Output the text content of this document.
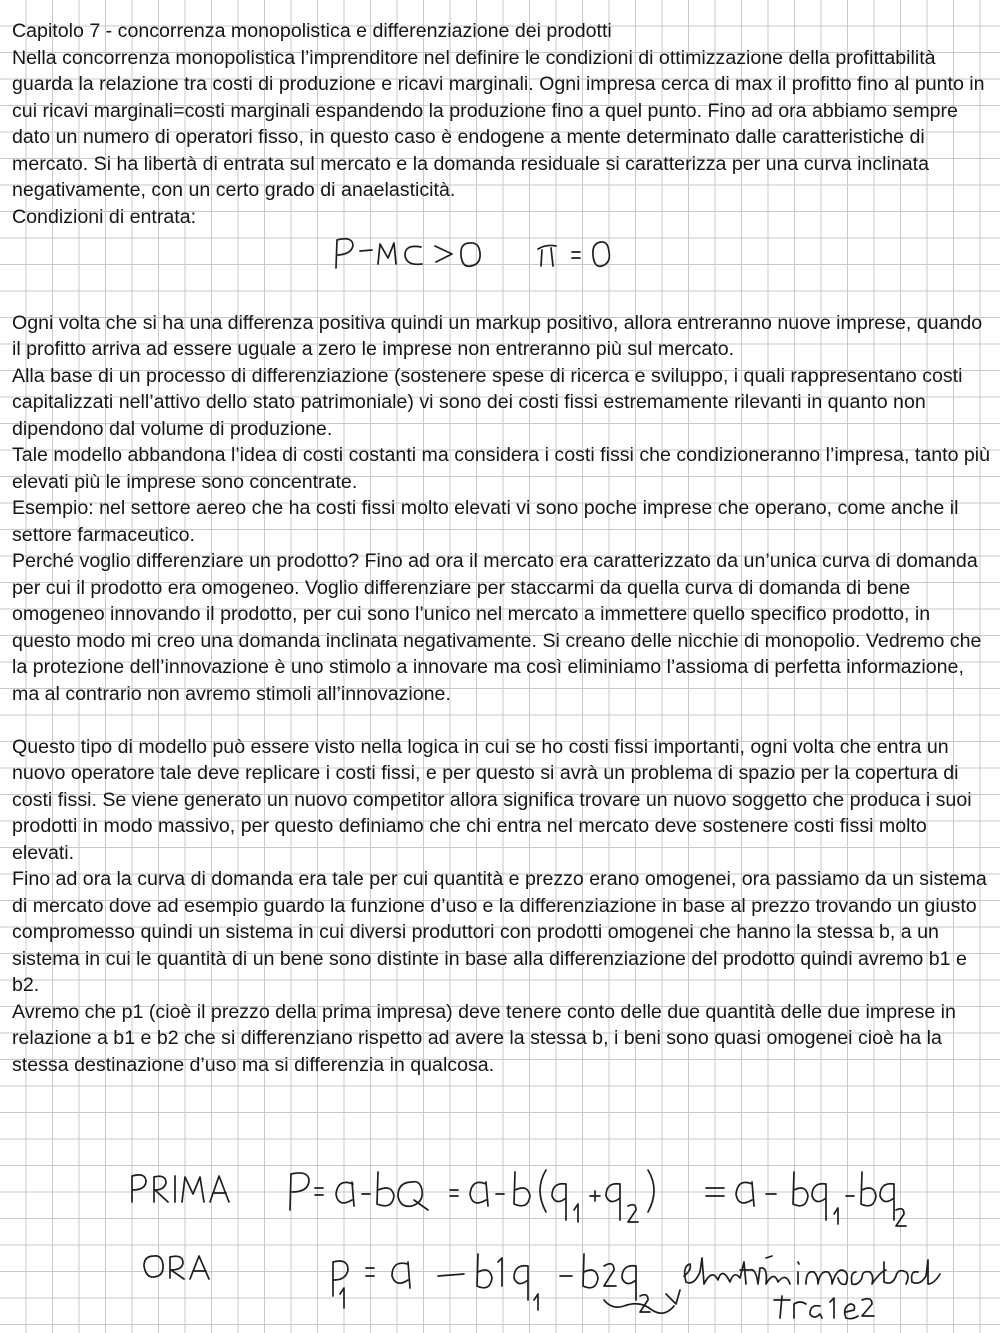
Capitolo 7 - concorrenza monopolistica e differenziazione dei prodotti

Nella concorrenza monopolistica l’imprenditore nel definire le condizioni di ottimizzazione della profittabilità guarda la relazione tra costi di produzione e ricavi marginali. Ogni impresa cerca di max il profitto fino al punto in cui ricavi marginali=costi marginali espandendo la produzione fino a quel punto. Fino ad ora abbiamo sempre dato un numero di operatori fisso, in questo caso è endogene a mente determinato dalle caratteristiche di mercato. Si ha libertà di entrata sul mercato e la domanda residuale si caratterizza per una curva inclinata negativamente, con un certo grado di anaelasticità.

Condizioni di entrata:

Ogni volta che si ha una differenza positiva quindi un markup positivo, allora entreranno nuove imprese, quando il profitto arriva ad essere uguale a zero le imprese non entreranno più sul mercato.

Alla base di un processo di differenziazione (sostenere spese di ricerca e sviluppo, i quali rappresentano costi capitalizzati nell’attivo dello stato patrimoniale) vi sono dei costi fissi estremamente rilevanti in quanto non dipendono dal volume di produzione.

Tale modello abbandona l’idea di costi costanti ma considera i costi fissi che condizioneranno l’impresa, tanto più elevati più le imprese sono concentrate.

Esempio: nel settore aereo che ha costi fissi molto elevati vi sono poche imprese che operano, come anche il settore farmaceutico.

Perché voglio differenziare un prodotto? Fino ad ora il mercato era caratterizzato da un’unica curva di domanda per cui il prodotto era omogeneo. Voglio differenziare per staccarmi da quella curva di domanda di bene omogeneo innovando il prodotto, per cui sono l’unico nel mercato a immettere quello specifico prodotto, in questo modo mi creo una domanda inclinata negativamente. Si creano delle nicchie di monopolio. Vedremo che la protezione dell’innovazione è uno stimolo a innovare ma così eliminiamo l’assioma di perfetta informazione, ma al contrario non avremo stimoli all’innovazione.

Questo tipo di modello può essere visto nella logica in cui se ho costi fissi importanti, ogni volta che entra un nuovo operatore tale deve replicare i costi fissi, e per questo si avrà un problema di spazio per la copertura di costi fissi. Se viene generato un nuovo competitor allora significa trovare un nuovo soggetto che produca i suoi prodotti in modo massivo, per questo definiamo che chi entra nel mercato deve sostenere costi fissi molto elevati.

Fino ad ora la curva di domanda era tale per cui quantità e prezzo erano omogenei, ora passiamo da un sistema di mercato dove ad esempio guardo la funzione d’uso e la differenziazione in base al prezzo trovando un giusto compromesso quindi un sistema in cui diversi produttori con prodotti omogenei che hanno la stessa b, a un sistema in cui le quantità di un bene sono distinte in base alla differenziazione del prodotto quindi avremo b1 e b2.

Avremo che p1 (cioè il prezzo della prima impresa) deve tenere conto delle due quantità delle due imprese in relazione a b1 e b2 che si differenziano rispetto ad avere la stessa b, i beni sono quasi omogenei cioè ha la stessa destinazione d’uso ma si differenzia in qualcosa.
